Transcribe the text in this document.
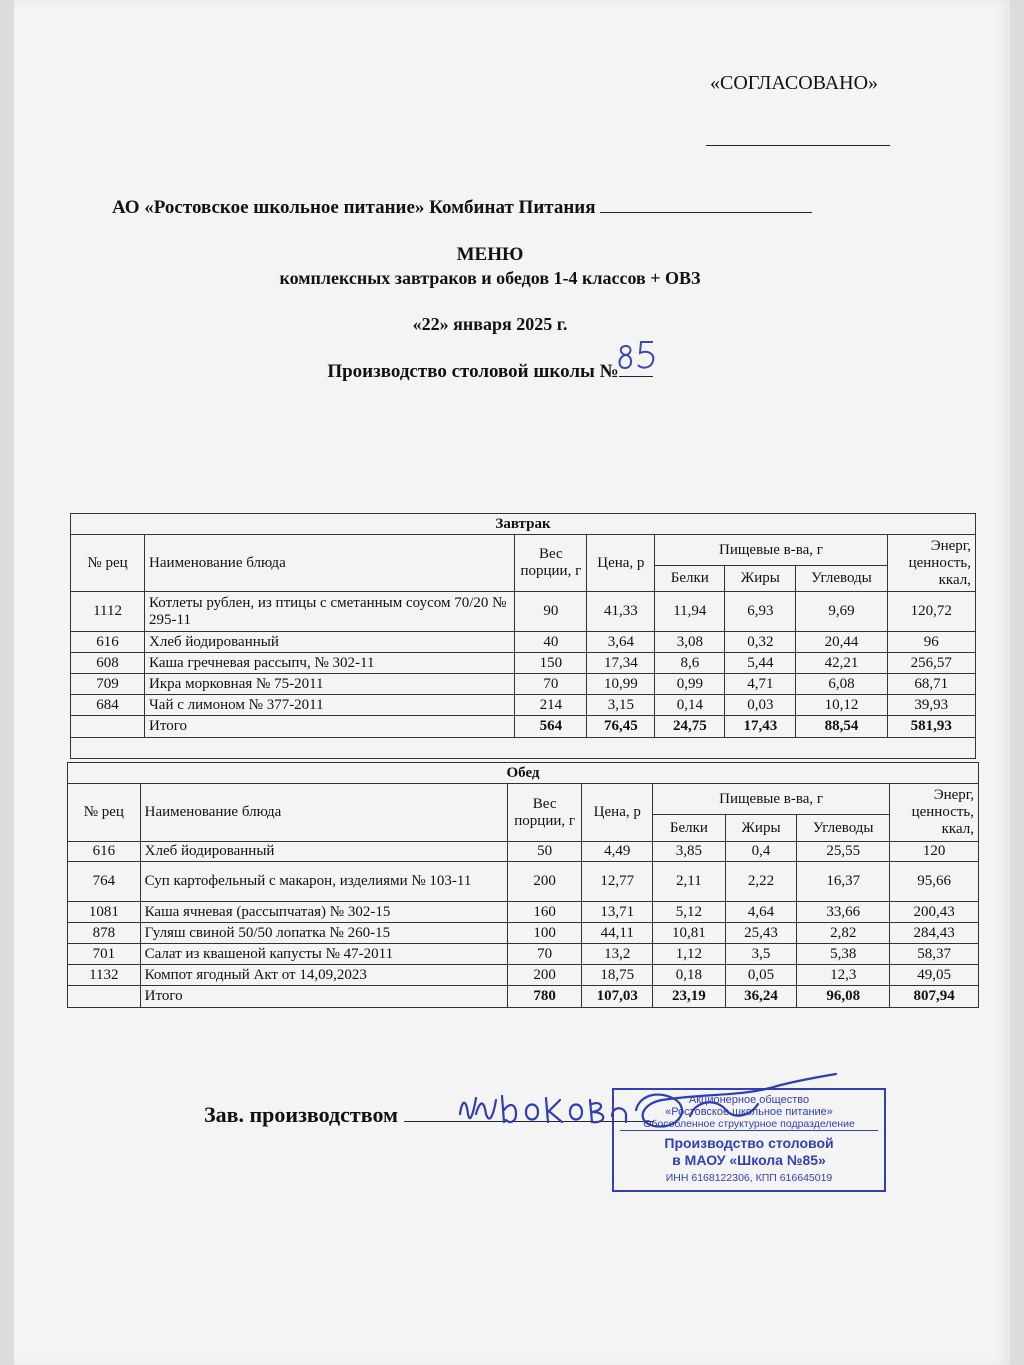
«СОГЛАСОВАНО»
АО «Ростовское школьное питание» Комбинат Питания
МЕНЮ
комплексных завтраков и обедов 1-4 классов + ОВЗ
«22» января 2025 г.
Производство столовой школы №
Завтрак							
№ рец	Наименование блюда	Вес порции, г	Цена, р	Пищевые в-ва, г			Энерг, ценность, ккал,
				Белки	Жиры	Углеводы	
1112	Котлеты рублен, из птицы с сметанным соусом 70/20 № 295-11	90	41,33	11,94	6,93	9,69	120,72
616	Хлеб йодированный	40	3,64	3,08	0,32	20,44	96
608	Каша гречневая рассыпч, № 302-11	150	17,34	8,6	5,44	42,21	256,57
709	Икра морковная № 75-2011	70	10,99	0,99	4,71	6,08	68,71
684	Чай с лимоном № 377-2011	214	3,15	0,14	0,03	10,12	39,93
	Итого	564	76,45	24,75	17,43	88,54	581,93

Обед							
№ рец	Наименование блюда	Вес порции, г	Цена, р	Пищевые в-ва, г			Энерг, ценность, ккал,
				Белки	Жиры	Углеводы	
616	Хлеб йодированный	50	4,49	3,85	0,4	25,55	120
764	Суп картофельный с макарон, изделиями № 103-11	200	12,77	2,11	2,22	16,37	95,66
1081	Каша ячневая (рассыпчатая) № 302-15	160	13,71	5,12	4,64	33,66	200,43
878	Гуляш свиной 50/50 лопатка № 260-15	100	44,11	10,81	25,43	2,82	284,43
701	Салат из квашеной капусты № 47-2011	70	13,2	1,12	3,5	5,38	58,37
1132	Компот ягодный Акт от 14,09,2023	200	18,75	0,18	0,05	12,3	49,05
	Итого	780	107,03	23,19	36,24	96,08	807,94
Зав. производством
Акционерное общество
«Ростовское школьное питание»
Обособленное структурное подразделение
Производство столовой
в МАОУ «Школа №85»
ИНН 6168122306, КПП 616645019
